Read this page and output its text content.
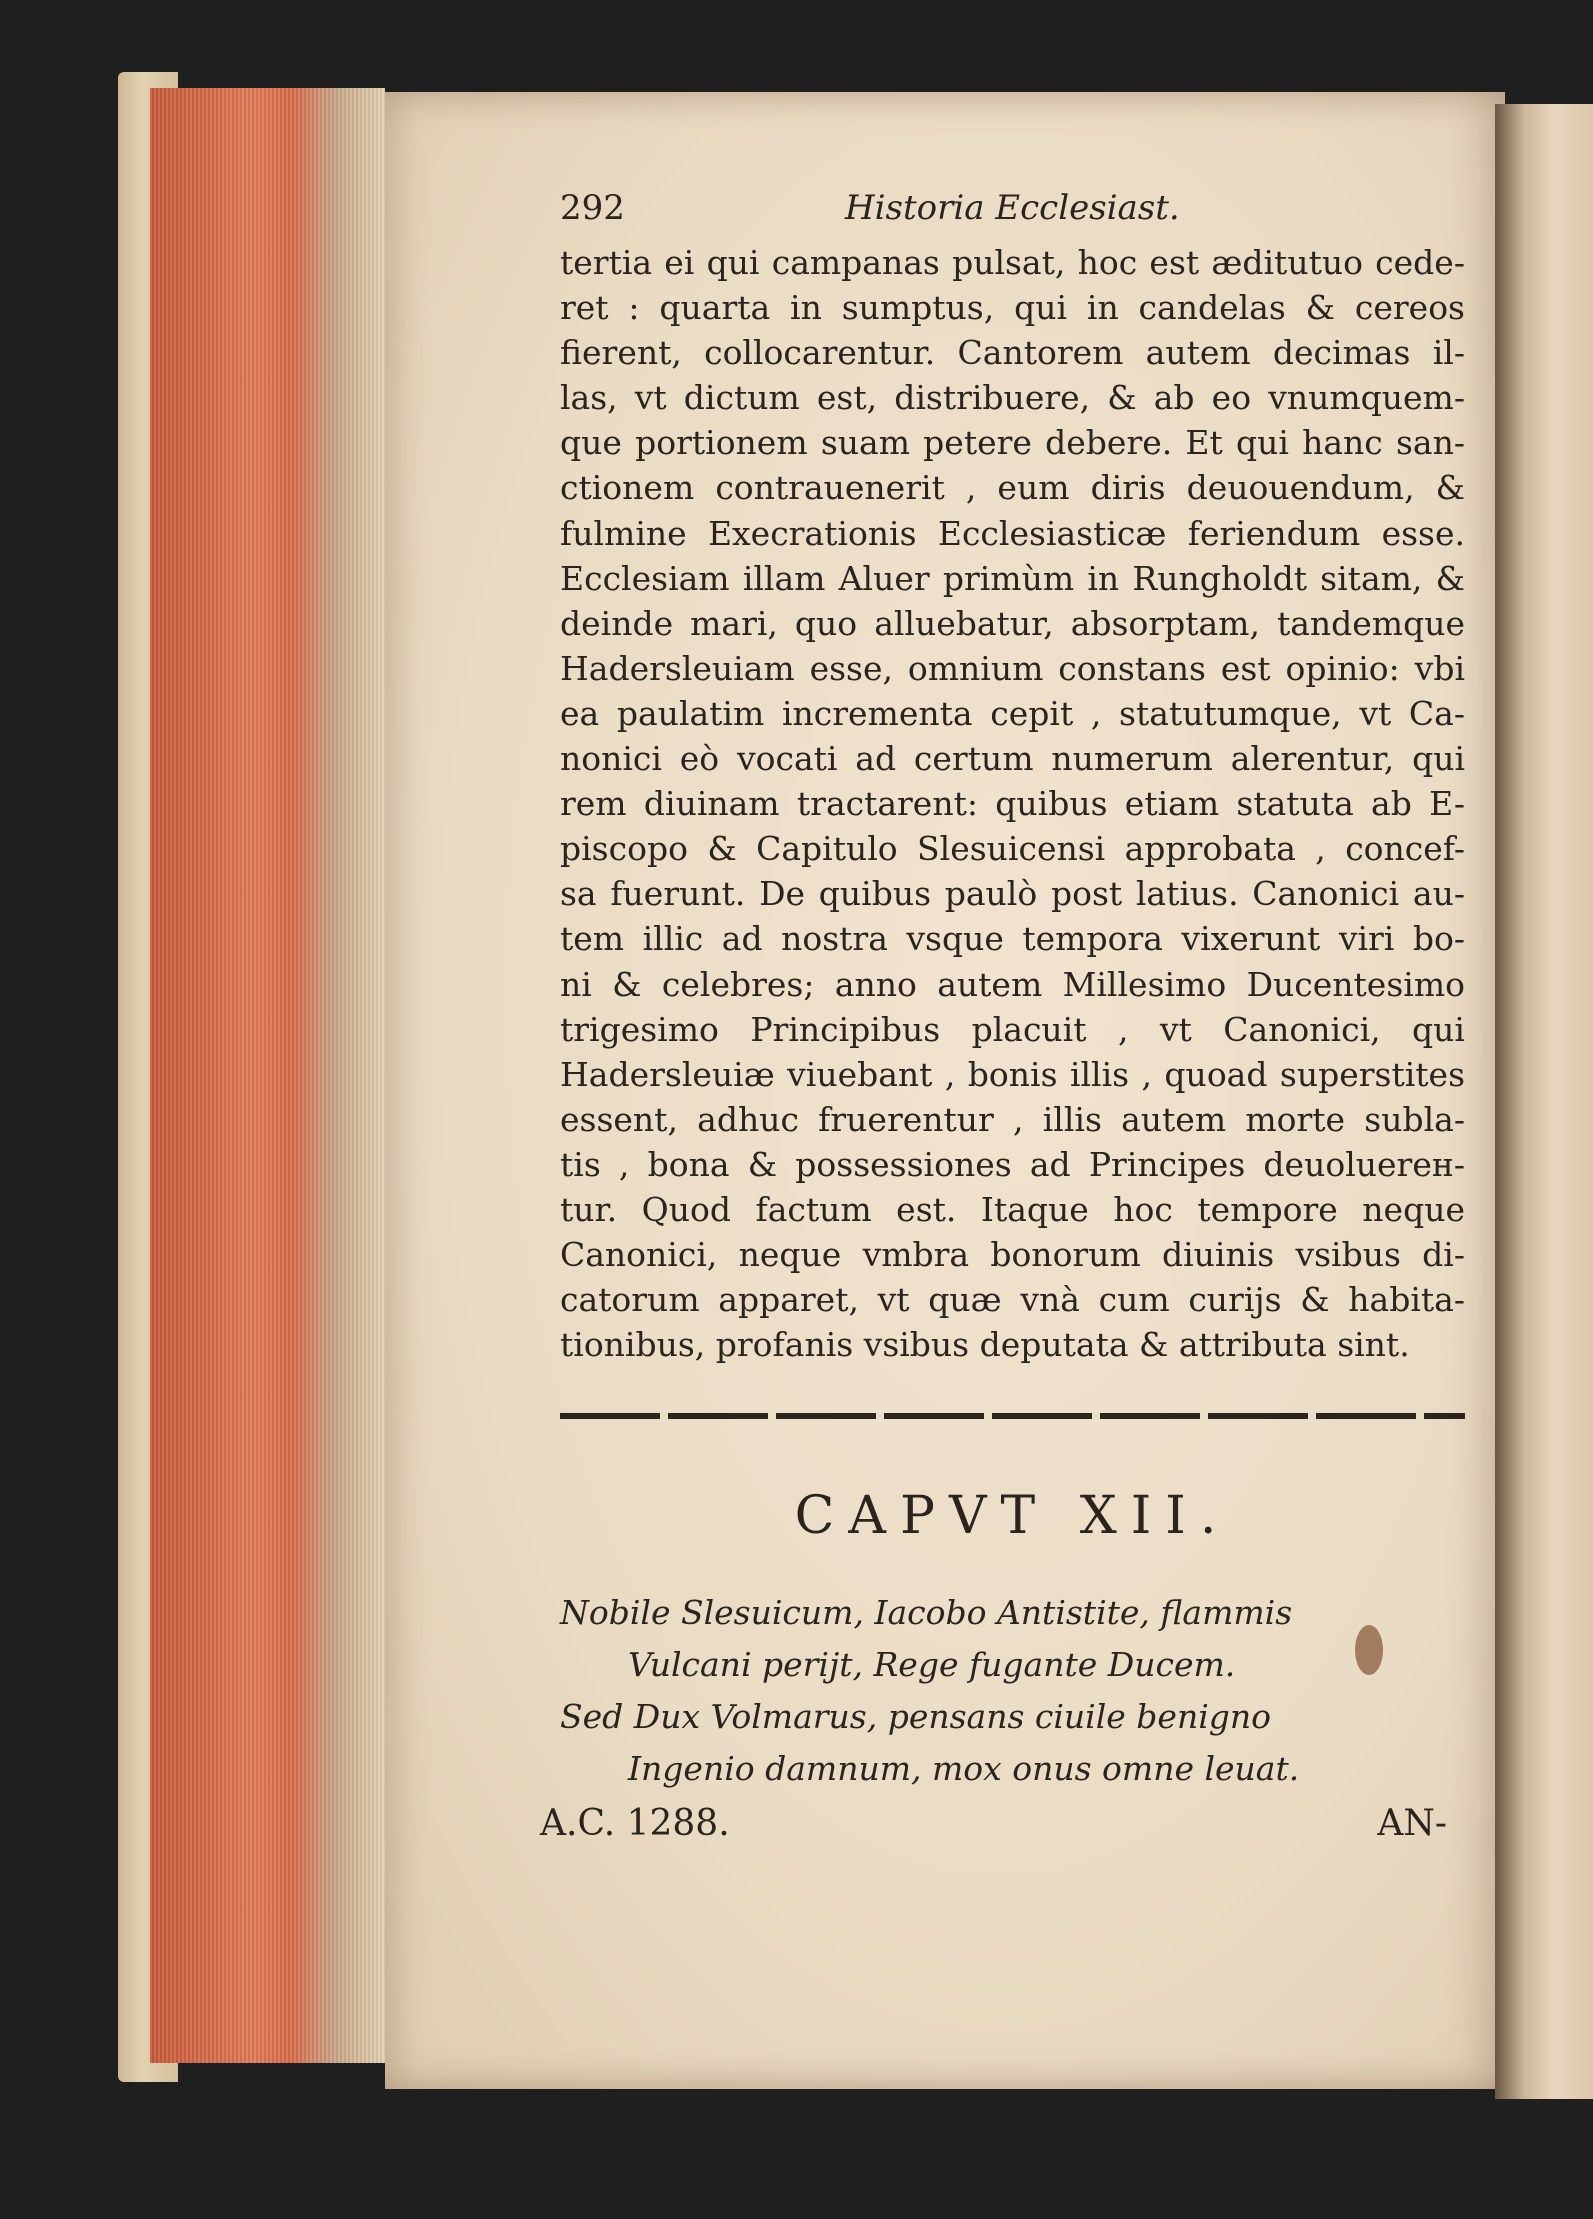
292	Historia Ecclesiast.
tertia ei qui campanas pulsat, hoc est æditutuo cede-
ret : quarta in sumptus, qui in candelas & cereos
fierent, collocarentur. Cantorem autem decimas il-
las, vt dictum est, distribuere, & ab eo vnumquem-
que portionem suam petere debere. Et qui hanc san-
ctionem contrauenerit , eum diris deuouendum, &
fulmine Execrationis Ecclesiasticæ feriendum esse.
Ecclesiam illam Aluer primùm in Rungholdt sitam, &
deinde mari, quo alluebatur, absorptam, tandemque
Hadersleuiam esse, omnium constans est opinio: vbi
ea paulatim incrementa cepit , statutumque, vt Ca-
nonici eò vocati ad certum numerum alerentur, qui
rem diuinam tractarent: quibus etiam statuta ab E-
piscopo & Capitulo Slesuicensi approbata , concef-
sa fuerunt. De quibus paulò post latius. Canonici au-
tem illic ad nostra vsque tempora vixerunt viri bo-
ni & celebres; anno autem Millesimo Ducentesimo
trigesimo Principibus placuit , vt Canonici, qui
Hadersleuiæ viuebant , bonis illis , quoad superstites
essent, adhuc fruerentur , illis autem morte subla-
tis , bona & possessiones ad Principes deuoluerен-
tur. Quod factum est. Itaque hoc tempore neque
Canonici, neque vmbra bonorum diuinis vsibus di-
catorum apparet, vt quæ vnà cum curijs & habita-
tionibus, profanis vsibus deputata & attributa sint.
CAPVT XII.
Nobile Slesuicum, Iacobo Antistite, flammis
Vulcani perijt, Rege fugante Ducem.
Sed Dux Volmarus, pensans ciuile benigno
Ingenio damnum, mox onus omne leuat.
A.C. 1288.	AN-
